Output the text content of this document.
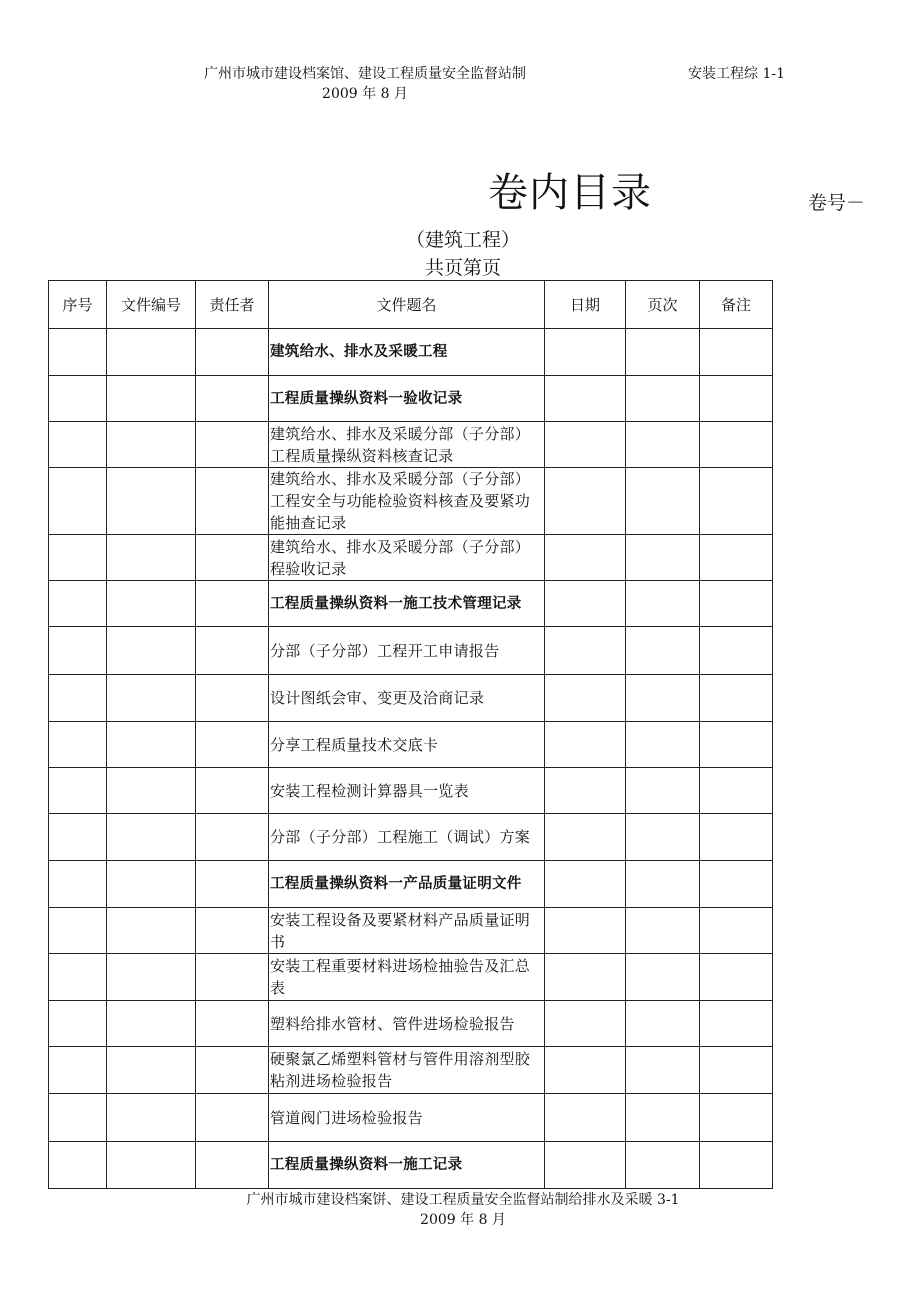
广州市城市建设档案馆、建设工程质量安全监督站制
2009 年 8 月
安装工程综 1-1
卷内目录	卷号－
（建筑工程）
共页第页
序号	文件编号	责任者	文件题名	日期	页次	备注
			建筑给水、排水及采暖工程			
			工程质量操纵资料一验收记录			
			建筑给水、排水及采暖分部（子分部）工程质量操纵资料核查记录			
			建筑给水、排水及采暖分部（子分部）工程安全与功能检验资料核查及要紧功能抽查记录			
			建筑给水、排水及采暖分部（子分部）程验收记录			
			工程质量操纵资料一施工技术管理记录			
			分部（子分部）工程开工申请报告			
			设计图纸会审、变更及洽商记录			
			分享工程质量技术交底卡			
			安装工程检测计算器具一览表			
			分部（子分部）工程施工（调试）方案			
			工程质量操纵资料一产品质量证明文件			
			安装工程设备及要紧材料产品质量证明书			
			安装工程重要材料进场检抽验告及汇总表			
			塑料给排水管材、管件进场检验报告			
			硬聚氯乙烯塑料管材与管件用溶剂型胶粘剂进场检验报告			
			管道阀门进场检验报告			
			工程质量操纵资料一施工记录			
广州市城市建设档案饼、建设工程质量安全监督站制给排水及采暖 3-1
2009 年 8 月
